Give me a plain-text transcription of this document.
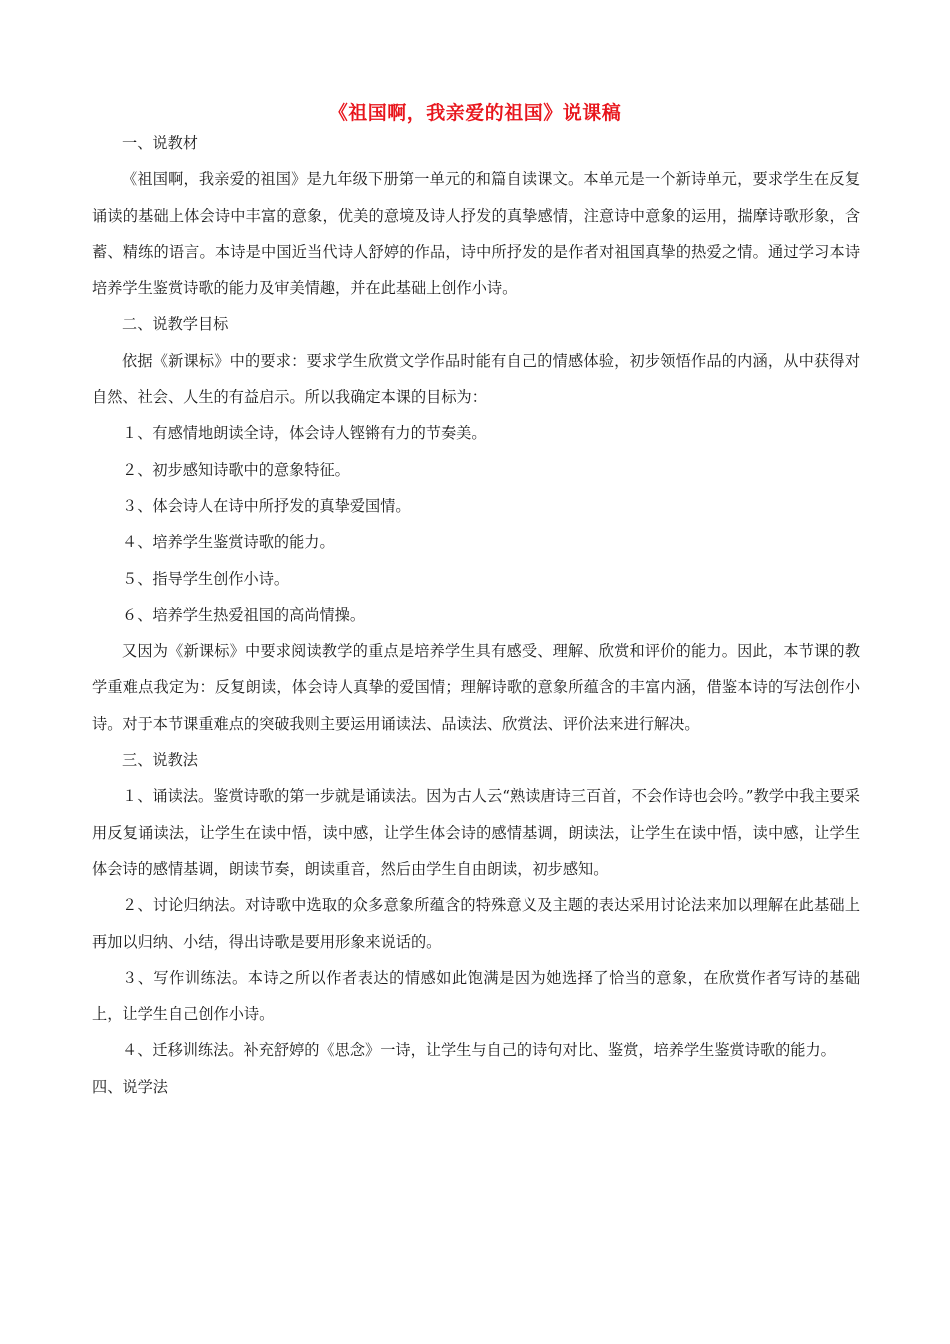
《祖国啊，我亲爱的祖国》说课稿

一、说教材

《祖国啊，我亲爱的祖国》是九年级下册第一单元的和篇自读课文。本单元是一个新诗单元，要求学生在反复诵读的基础上体会诗中丰富的意象，优美的意境及诗人抒发的真挚感情，注意诗中意象的运用，揣摩诗歌形象，含蓄、精练的语言。本诗是中国近当代诗人舒婷的作品，诗中所抒发的是作者对祖国真挚的热爱之情。通过学习本诗培养学生鉴赏诗歌的能力及审美情趣，并在此基础上创作小诗。

二、说教学目标

依据《新课标》中的要求：要求学生欣赏文学作品时能有自己的情感体验，初步领悟作品的内涵，从中获得对自然、社会、人生的有益启示。所以我确定本课的目标为：

１、有感情地朗读全诗，体会诗人铿锵有力的节奏美。

２、初步感知诗歌中的意象特征。

３、体会诗人在诗中所抒发的真挚爱国情。

４、培养学生鉴赏诗歌的能力。

５、指导学生创作小诗。

６、培养学生热爱祖国的高尚情操。

又因为《新课标》中要求阅读教学的重点是培养学生具有感受、理解、欣赏和评价的能力。因此，本节课的教学重难点我定为：反复朗读，体会诗人真挚的爱国情；理解诗歌的意象所蕴含的丰富内涵，借鉴本诗的写法创作小诗。对于本节课重难点的突破我则主要运用诵读法、品读法、欣赏法、评价法来进行解决。

三、说教法

１、诵读法。鉴赏诗歌的第一步就是诵读法。因为古人云“熟读唐诗三百首，不会作诗也会吟。”教学中我主要采用反复诵读法，让学生在读中悟，读中感，让学生体会诗的感情基调，朗读法，让学生在读中悟，读中感，让学生体会诗的感情基调，朗读节奏，朗读重音，然后由学生自由朗读，初步感知。

２、讨论归纳法。对诗歌中选取的众多意象所蕴含的特殊意义及主题的表达采用讨论法来加以理解在此基础上再加以归纳、小结，得出诗歌是要用形象来说话的。

３、写作训练法。本诗之所以作者表达的情感如此饱满是因为她选择了恰当的意象，在欣赏作者写诗的基础上，让学生自己创作小诗。

４、迁移训练法。补充舒婷的《思念》一诗，让学生与自己的诗句对比、鉴赏，培养学生鉴赏诗歌的能力。

四、说学法
